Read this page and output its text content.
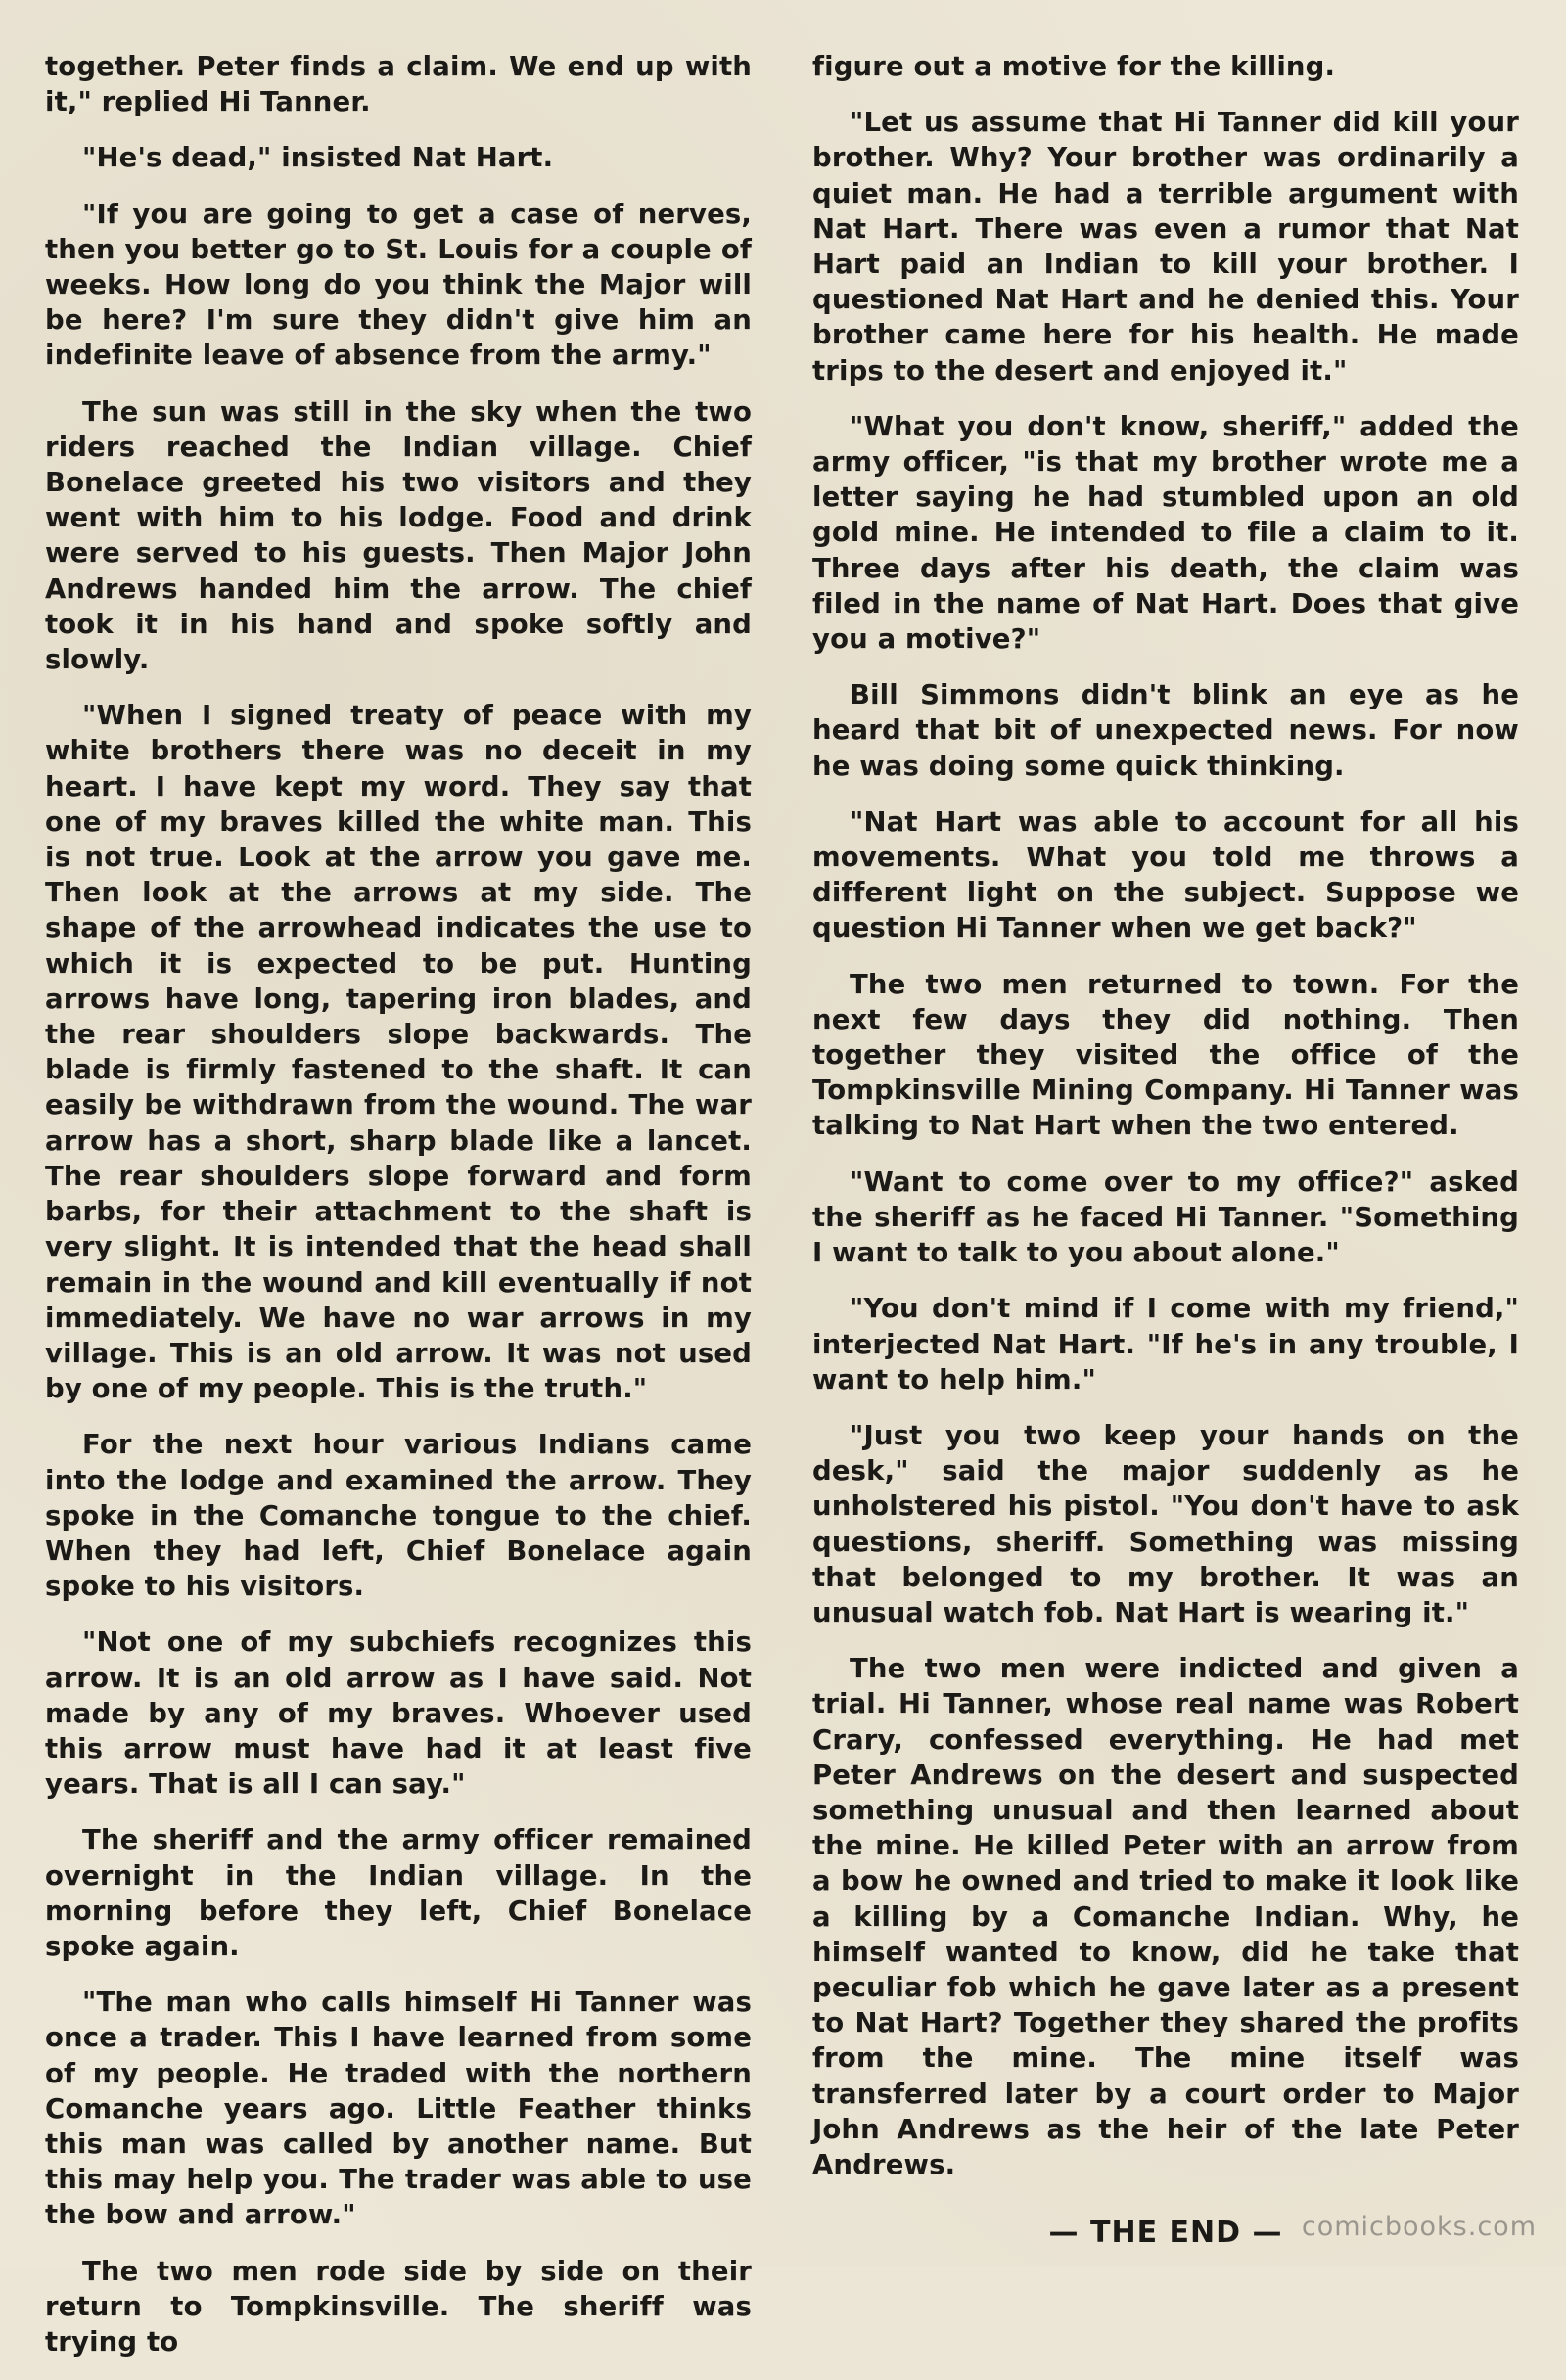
together. Peter finds a claim. We end up with it," replied Hi Tanner.

"He's dead," insisted Nat Hart.

"If you are going to get a case of nerves, then you better go to St. Louis for a couple of weeks. How long do you think the Major will be here? I'm sure they didn't give him an indefinite leave of absence from the army."

The sun was still in the sky when the two riders reached the Indian village. Chief Bonelace greeted his two visitors and they went with him to his lodge. Food and drink were served to his guests. Then Major John Andrews handed him the arrow. The chief took it in his hand and spoke softly and slowly.

"When I signed treaty of peace with my white brothers there was no deceit in my heart. I have kept my word. They say that one of my braves killed the white man. This is not true. Look at the arrow you gave me. Then look at the arrows at my side. The shape of the arrowhead indicates the use to which it is expected to be put. Hunting arrows have long, tapering iron blades, and the rear shoulders slope backwards. The blade is firmly fastened to the shaft. It can easily be withdrawn from the wound. The war arrow has a short, sharp blade like a lancet. The rear shoulders slope forward and form barbs, for their attachment to the shaft is very slight. It is intended that the head shall remain in the wound and kill eventually if not immediately. We have no war arrows in my village. This is an old arrow. It was not used by one of my people. This is the truth."

For the next hour various Indians came into the lodge and examined the arrow. They spoke in the Comanche tongue to the chief. When they had left, Chief Bonelace again spoke to his visitors.

"Not one of my subchiefs recognizes this arrow. It is an old arrow as I have said. Not made by any of my braves. Whoever used this arrow must have had it at least five years. That is all I can say."

The sheriff and the army officer remained overnight in the Indian village. In the morning before they left, Chief Bonelace spoke again.

"The man who calls himself Hi Tanner was once a trader. This I have learned from some of my people. He traded with the northern Comanche years ago. Little Feather thinks this man was called by another name. But this may help you. The trader was able to use the bow and arrow."

The two men rode side by side on their return to Tompkinsville. The sheriff was trying to

figure out a motive for the killing.

"Let us assume that Hi Tanner did kill your brother. Why? Your brother was ordinarily a quiet man. He had a terrible argument with Nat Hart. There was even a rumor that Nat Hart paid an Indian to kill your brother. I questioned Nat Hart and he denied this. Your brother came here for his health. He made trips to the desert and enjoyed it."

"What you don't know, sheriff," added the army officer, "is that my brother wrote me a letter saying he had stumbled upon an old gold mine. He intended to file a claim to it. Three days after his death, the claim was filed in the name of Nat Hart. Does that give you a motive?"

Bill Simmons didn't blink an eye as he heard that bit of unexpected news. For now he was doing some quick thinking.

"Nat Hart was able to account for all his movements. What you told me throws a different light on the subject. Suppose we question Hi Tanner when we get back?"

The two men returned to town. For the next few days they did nothing. Then together they visited the office of the Tompkinsville Mining Company. Hi Tanner was talking to Nat Hart when the two entered.

"Want to come over to my office?" asked the sheriff as he faced Hi Tanner. "Something I want to talk to you about alone."

"You don't mind if I come with my friend," interjected Nat Hart. "If he's in any trouble, I want to help him."

"Just you two keep your hands on the desk," said the major suddenly as he unholstered his pistol. "You don't have to ask questions, sheriff. Something was missing that belonged to my brother. It was an unusual watch fob. Nat Hart is wearing it."

The two men were indicted and given a trial. Hi Tanner, whose real name was Robert Crary, confessed everything. He had met Peter Andrews on the desert and suspected something unusual and then learned about the mine. He killed Peter with an arrow from a bow he owned and tried to make it look like a killing by a Comanche Indian. Why, he himself wanted to know, did he take that peculiar fob which he gave later as a present to Nat Hart? Together they shared the profits from the mine. The mine itself was transferred later by a court order to Major John Andrews as the heir of the late Peter Andrews.

— THE END — comicbooks.com
